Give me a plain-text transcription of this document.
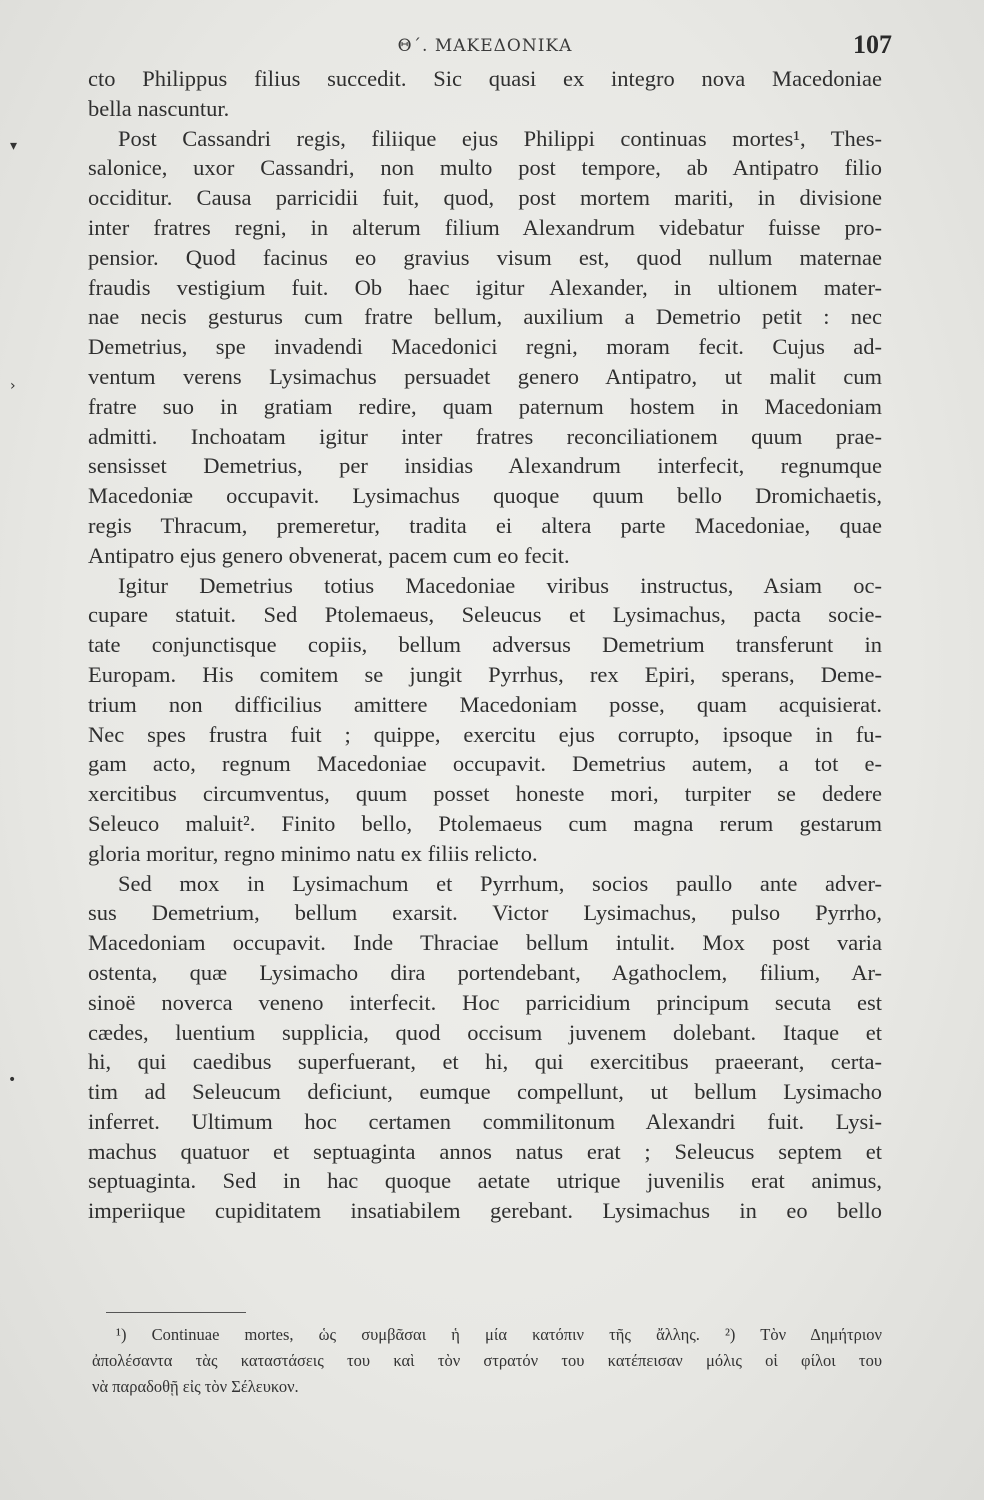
▾
›
•
Θ΄. ΜΑΚΕΔΟΝΙΚΑ	107
cto Philippus filius succedit. Sic quasi ex integro nova Macedoniae
bella nascuntur.
Post Cassandri regis, filiique ejus Philippi continuas mortes¹, Thes-
salonice, uxor Cassandri, non multo post tempore, ab Antipatro filio
occiditur. Causa parricidii fuit, quod, post mortem mariti, in divisione
inter fratres regni, in alterum filium Alexandrum videbatur fuisse pro-
pensior. Quod facinus eo gravius visum est, quod nullum maternae
fraudis vestigium fuit. Ob haec igitur Alexander, in ultionem mater-
nae necis gesturus cum fratre bellum, auxilium a Demetrio petit : nec
Demetrius, spe invadendi Macedonici regni, moram fecit. Cujus ad-
ventum verens Lysimachus persuadet genero Antipatro, ut malit cum
fratre suo in gratiam redire, quam paternum hostem in Macedoniam
admitti. Inchoatam igitur inter fratres reconciliationem quum prae-
sensisset Demetrius, per insidias Alexandrum interfecit, regnumque
Macedoniæ occupavit. Lysimachus quoque quum bello Dromichaetis,
regis Thracum, premeretur, tradita ei altera parte Macedoniae, quae
Antipatro ejus genero obvenerat, pacem cum eo fecit.
Igitur Demetrius totius Macedoniae viribus instructus, Asiam oc-
cupare statuit. Sed Ptolemaeus, Seleucus et Lysimachus, pacta socie-
tate conjunctisque copiis, bellum adversus Demetrium transferunt in
Europam. His comitem se jungit Pyrrhus, rex Epiri, sperans, Deme-
trium non difficilius amittere Macedoniam posse, quam acquisierat.
Nec spes frustra fuit ; quippe, exercitu ejus corrupto, ipsoque in fu-
gam acto, regnum Macedoniae occupavit. Demetrius autem, a tot e-
xercitibus circumventus, quum posset honeste mori, turpiter se dedere
Seleuco maluit². Finito bello, Ptolemaeus cum magna rerum gestarum
gloria moritur, regno minimo natu ex filiis relicto.
Sed mox in Lysimachum et Pyrrhum, socios paullo ante adver-
sus Demetrium, bellum exarsit. Victor Lysimachus, pulso Pyrrho,
Macedoniam occupavit. Inde Thraciae bellum intulit. Mox post varia
ostenta, quæ Lysimacho dira portendebant, Agathoclem, filium, Ar-
sinoë noverca veneno interfecit. Hoc parricidium principum secuta est
cædes, luentium supplicia, quod occisum juvenem dolebant. Itaque et
hi, qui caedibus superfuerant, et hi, qui exercitibus praeerant, certa-
tim ad Seleucum deficiunt, eumque compellunt, ut bellum Lysimacho
inferret. Ultimum hoc certamen commilitonum Alexandri fuit. Lysi-
machus quatuor et septuaginta annos natus erat ; Seleucus septem et
septuaginta. Sed in hac quoque aetate utrique juvenilis erat animus,
imperiique cupiditatem insatiabilem gerebant. Lysimachus in eo bello
¹) Continuae mortes, ὡς συμβᾶσαι ἡ μία κατόπιν τῆς ἄλλης. ²) Τὸν Δημήτριον
ἀπολέσαντα τὰς καταστάσεις του καὶ τὸν στρατόν του κατέπεισαν μόλις οἱ φίλοι του
νὰ παραδοθῇ εἰς τὸν Σέλευκον.
